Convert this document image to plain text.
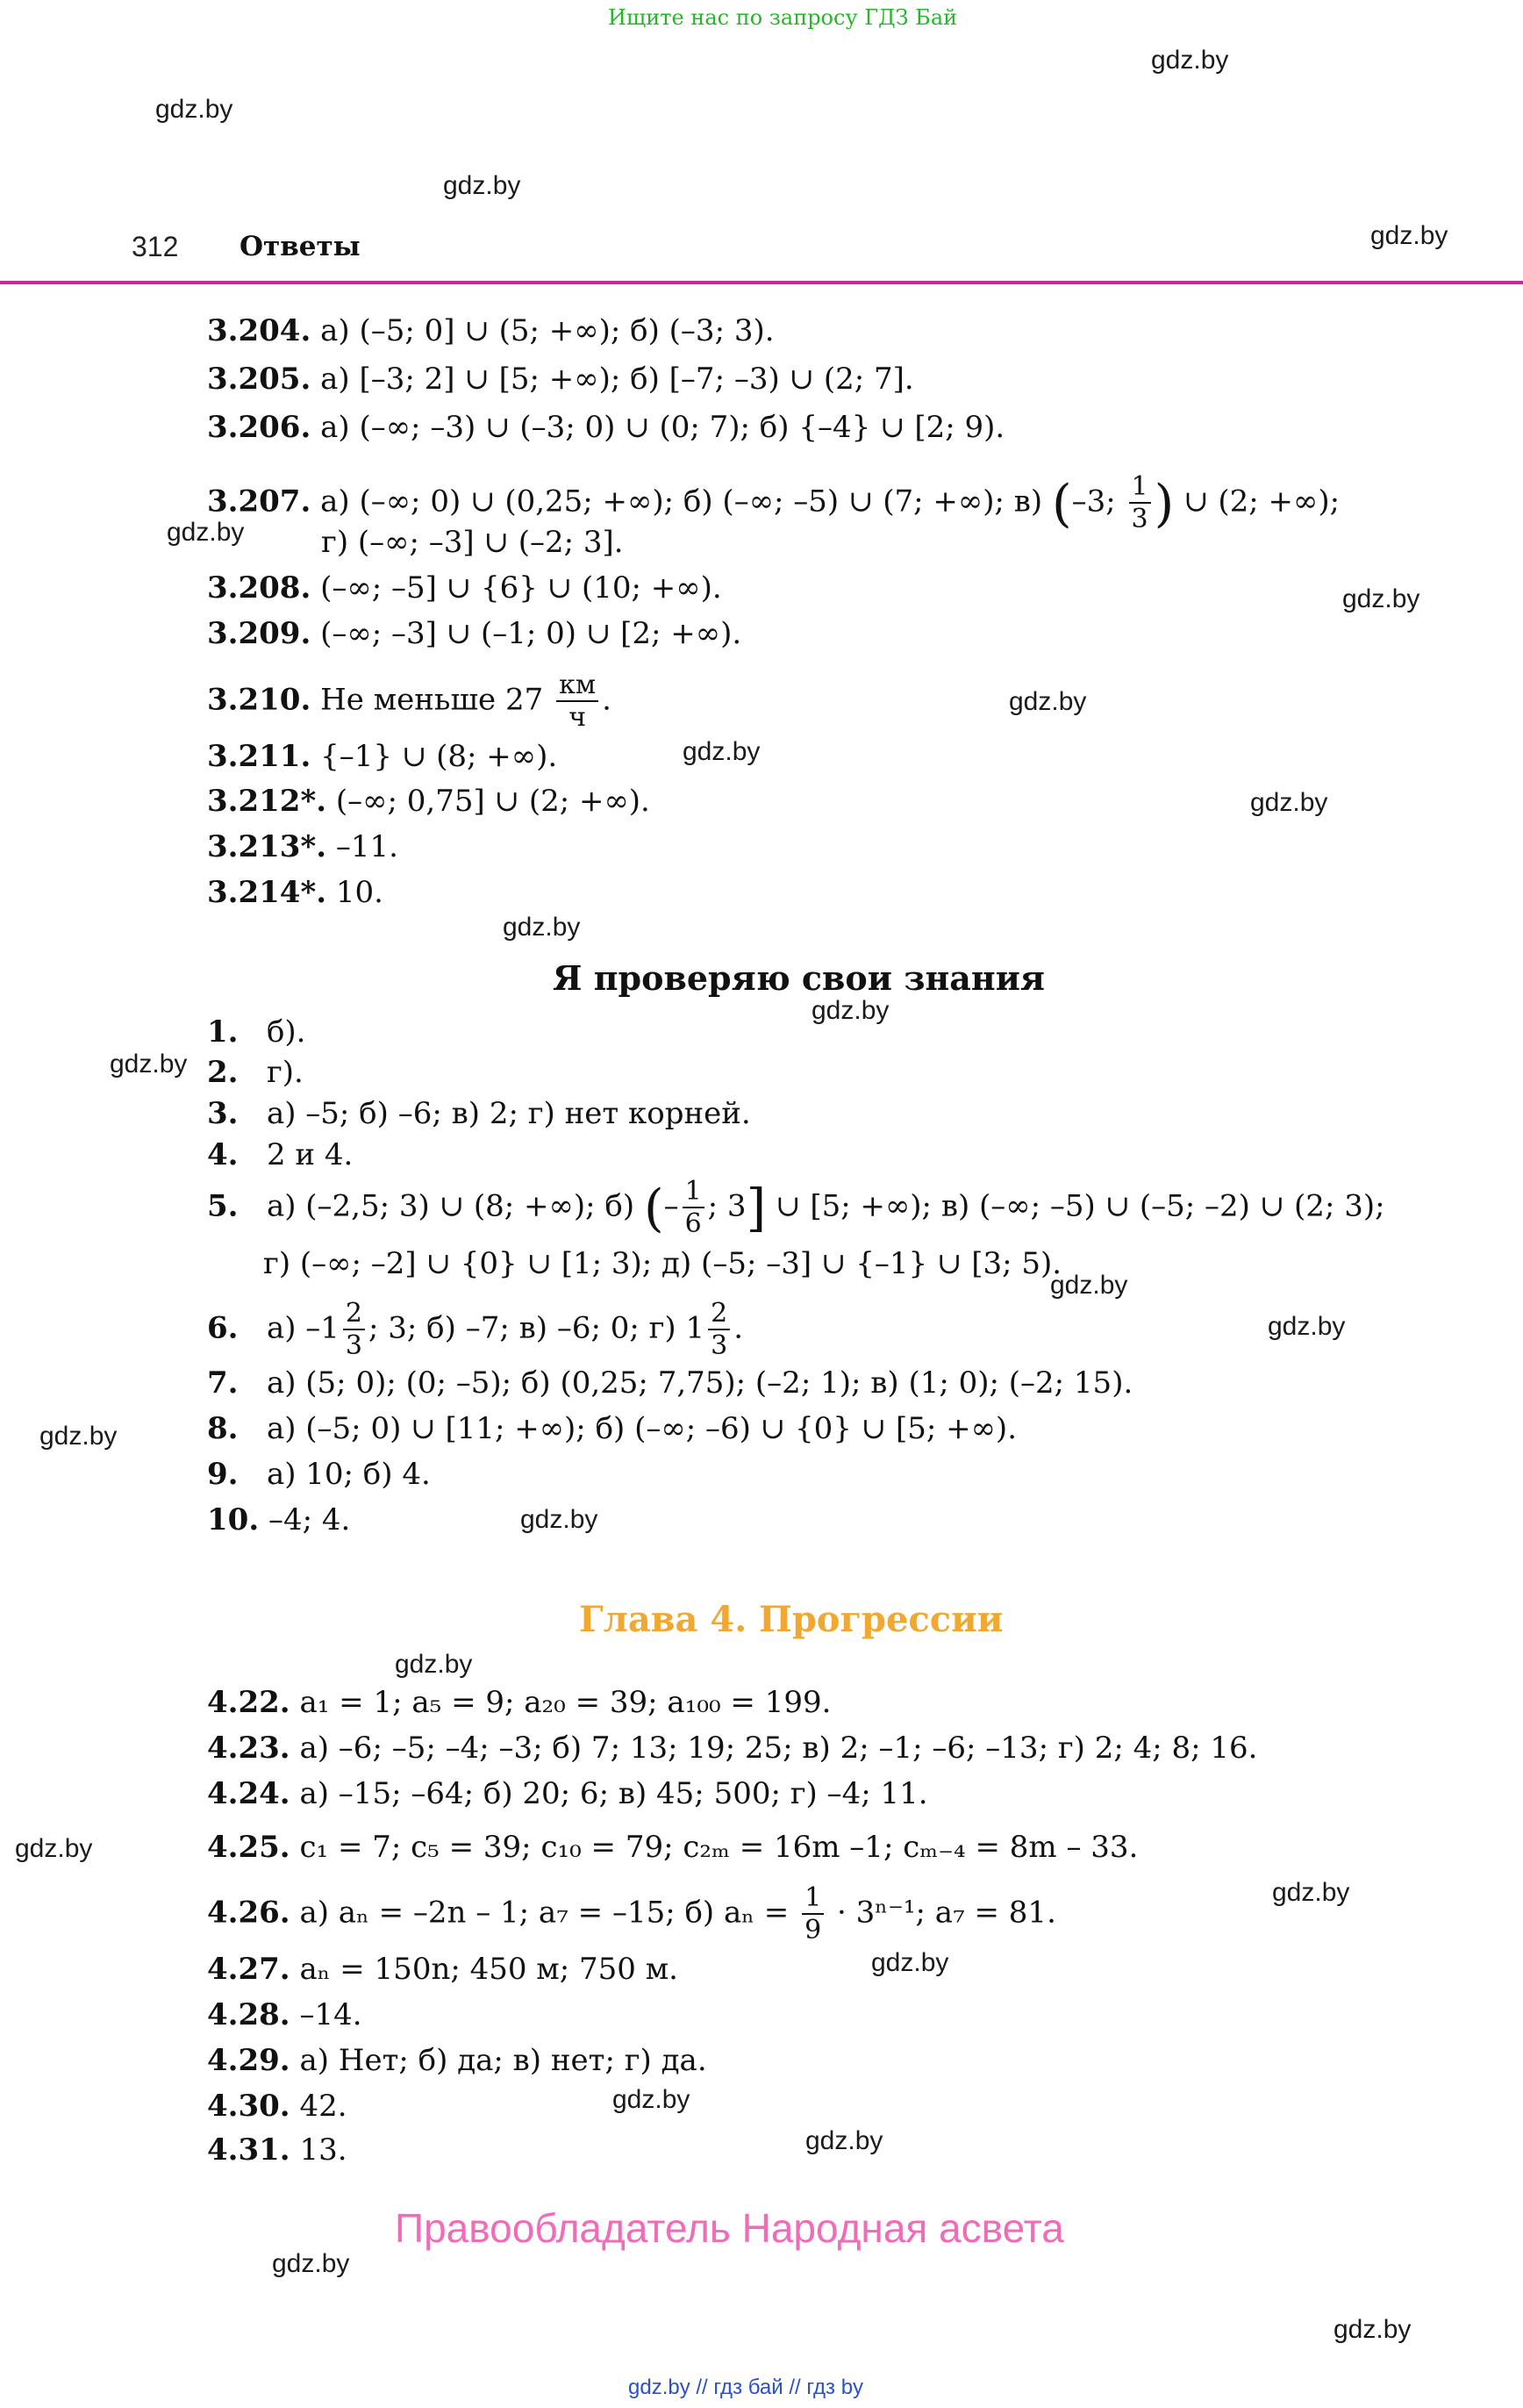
Ищите нас по запросу ГДЗ Бай
gdz.by
gdz.by
gdz.by
gdz.by
312 Ответы
3.204. а) (–5; 0] ∪ (5; +∞); б) (–3; 3).
3.205. а) [–3; 2] ∪ [5; +∞); б) [–7; –3) ∪ (2; 7].
3.206. а) (–∞; –3) ∪ (–3; 0) ∪ (0; 7); б) {–4} ∪ [2; 9).
3.207. а) (–∞; 0) ∪ (0,25; +∞); б) (–∞; –5) ∪ (7; +∞); в) (–3; $\frac{1}{3}$ ) ∪ (2; +∞);
г) (–∞; –3] ∪ (–2; 3].
3.208. (–∞; –5] ∪ {6} ∪ (10; +∞).
3.209. (–∞; –3] ∪ (–1; 0) ∪ [2; +∞).
3.210. Не меньше $27 \frac{км}{ч}$ .
3.211. {–1} ∪ (8; +∞).
3.212*. (–∞; 0,75] ∪ (2; +∞).
3.213*. –11.
3.214*. 10.
gdz.by
gdz.by
gdz.by
gdz.by
gdz.by
gdz.by
Я проверяю свои знания
gdz.by
gdz.by
1. б).
2. г).
3. а) –5; б) –6; в) 2; г) нет корней.
4. 2 и 4.
5. а) (–2,5; 3) ∪ (8; +∞); б) (– $\frac{1}{6}$ ; 3] ∪ [5; +∞); в) (–∞; –5) ∪ (–5; –2) ∪ (2; 3);
г) (–∞; –2] ∪ {0} ∪ [1; 3); д) (–5; –3] ∪ {–1} ∪ [3; 5).
gdz.by
gdz.by
6. а) $-1 \frac{2}{3}$ ; 3; б) –7; в) –6; 0; г) $1 \frac{2}{3}$ .
7. а) (5; 0); (0; –5); б) (0,25; 7,75); (–2; 1); в) (1; 0); (–2; 15).
8. а) (–5; 0) ∪ [11; +∞); б) (–∞; –6) ∪ {0} ∪ [5; +∞).
9. а) 10; б) 4.
10. –4; 4.
gdz.by
gdz.by
Глава 4. Прогрессии
gdz.by
4.22. a₁ = 1; a₅ = 9; a₂₀ = 39; a₁₀₀ = 199.
4.23. а) –6; –5; –4; –3; б) 7; 13; 19; 25; в) 2; –1; –6; –13; г) 2; 4; 8; 16.
4.24. а) –15; –64; б) 20; 6; в) 45; 500; г) –4; 11.
4.25. c₁ = 7; c₅ = 39; c₁₀ = 79; c₂ₘ = 16m –1; cₘ₋₄ = 8m – 33.
4.26. а) aₙ = –2n – 1; a₇ = –15; б) $a_n = \frac{1}{9} \cdot 3^{n-1}$; a₇ = 81.
4.27. aₙ = 150n; 450 м; 750 м.
4.28. –14.
4.29. а) Нет; б) да; в) нет; г) да.
4.30. 42.
4.31. 13.
gdz.by
gdz.by
gdz.by
gdz.by
gdz.by
Правообладатель Народная асвета
gdz.by
gdz.by
gdz.by // гдз бай // гдз by
